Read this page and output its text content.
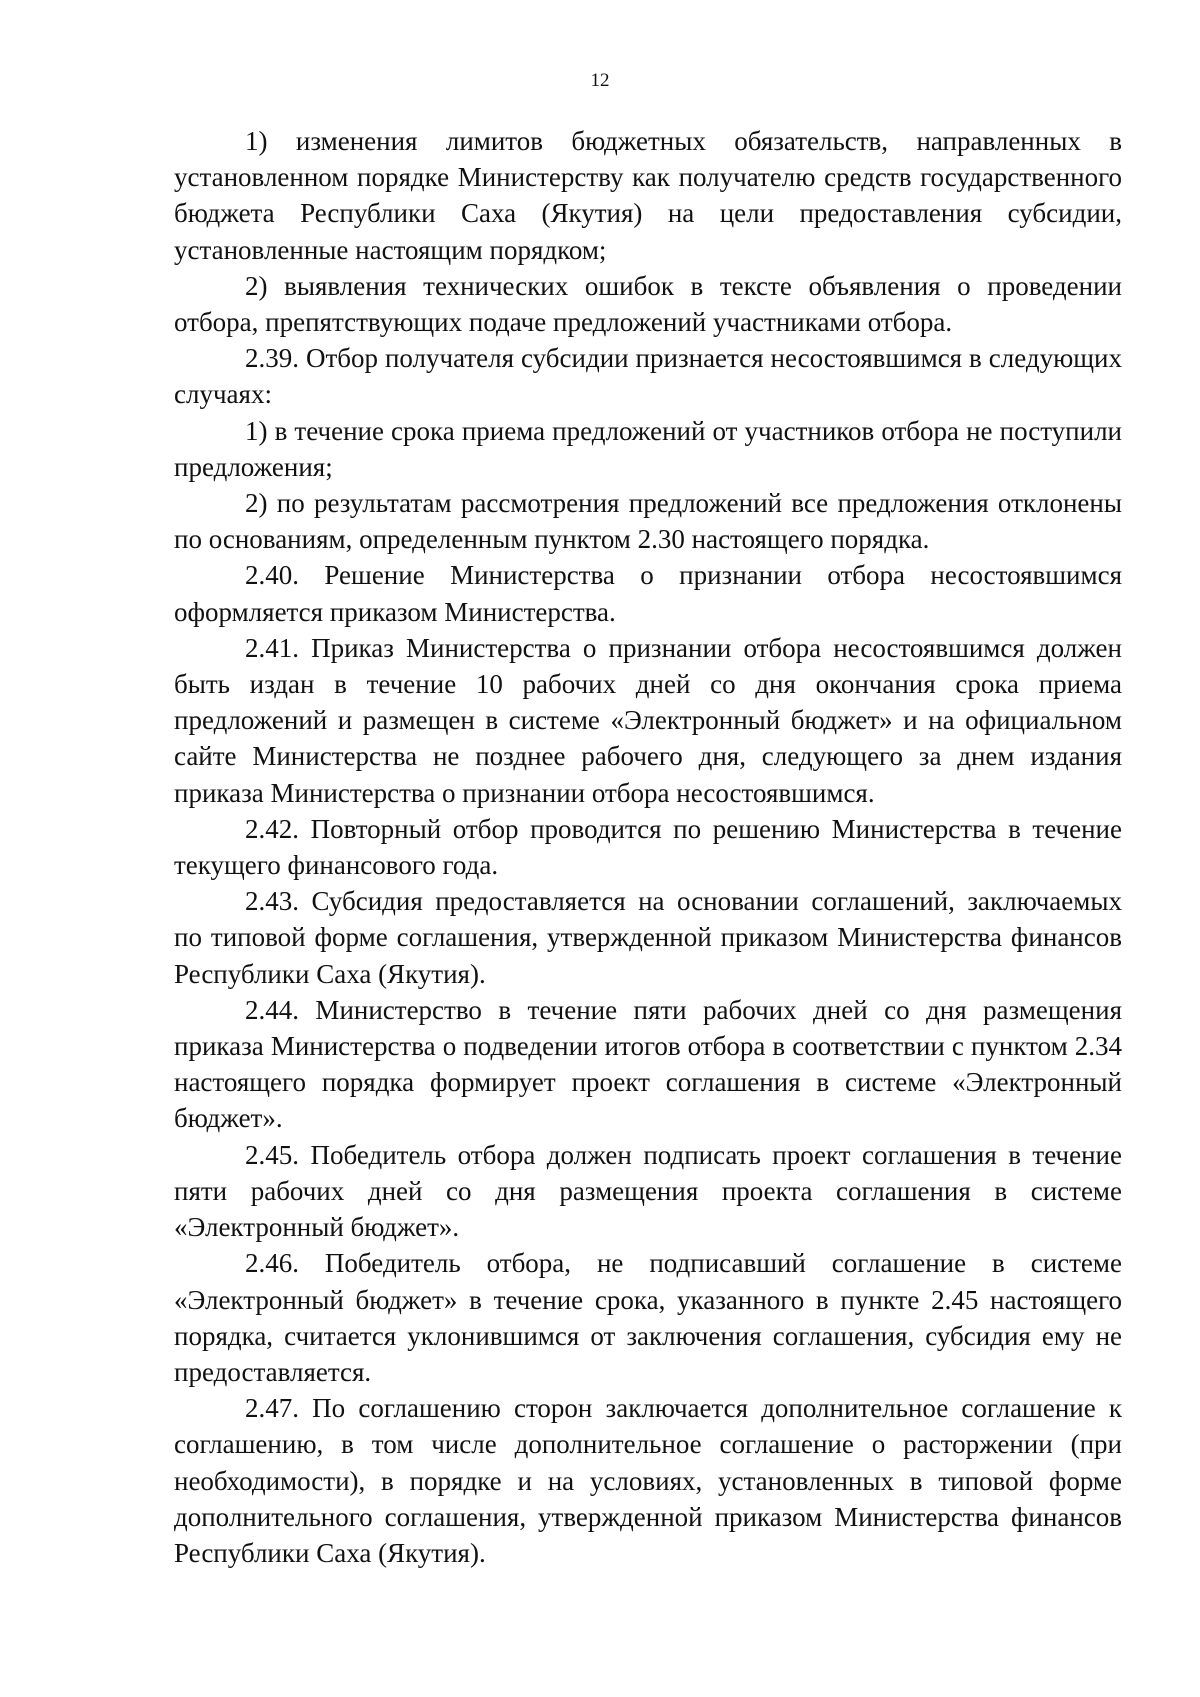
12

1) изменения лимитов бюджетных обязательств, направленных в установленном порядке Министерству как получателю средств государственного бюджета Республики Саха (Якутия) на цели предоставления субсидии, установленные настоящим порядком;

2) выявления технических ошибок в тексте объявления о проведении отбора, препятствующих подаче предложений участниками отбора.

2.39. Отбор получателя субсидии признается несостоявшимся в следующих случаях:

1) в течение срока приема предложений от участников отбора не поступили предложения;

2) по результатам рассмотрения предложений все предложения отклонены по основаниям, определенным пунктом 2.30 настоящего порядка.

2.40. Решение Министерства о признании отбора несостоявшимся оформляется приказом Министерства.

2.41. Приказ Министерства о признании отбора несостоявшимся должен быть издан в течение 10 рабочих дней со дня окончания срока приема предложений и размещен в системе «Электронный бюджет» и на официальном сайте Министерства не позднее рабочего дня, следующего за днем издания приказа Министерства о признании отбора несостоявшимся.

2.42. Повторный отбор проводится по решению Министерства в течение текущего финансового года.

2.43. Субсидия предоставляется на основании соглашений, заключаемых по типовой форме соглашения, утвержденной приказом Министерства финансов Республики Саха (Якутия).

2.44. Министерство в течение пяти рабочих дней со дня размещения приказа Министерства о подведении итогов отбора в соответствии с пунктом 2.34 настоящего порядка формирует проект соглашения в системе «Электронный бюджет».

2.45. Победитель отбора должен подписать проект соглашения в течение пяти рабочих дней со дня размещения проекта соглашения в системе «Электронный бюджет».

2.46. Победитель отбора, не подписавший соглашение в системе «Электронный бюджет» в течение срока, указанного в пункте 2.45 настоящего порядка, считается уклонившимся от заключения соглашения, субсидия ему не предоставляется.

2.47. По соглашению сторон заключается дополнительное соглашение к соглашению, в том числе дополнительное соглашение о расторжении (при необходимости), в порядке и на условиях, установленных в типовой форме дополнительного соглашения, утвержденной приказом Министерства финансов Республики Саха (Якутия).
